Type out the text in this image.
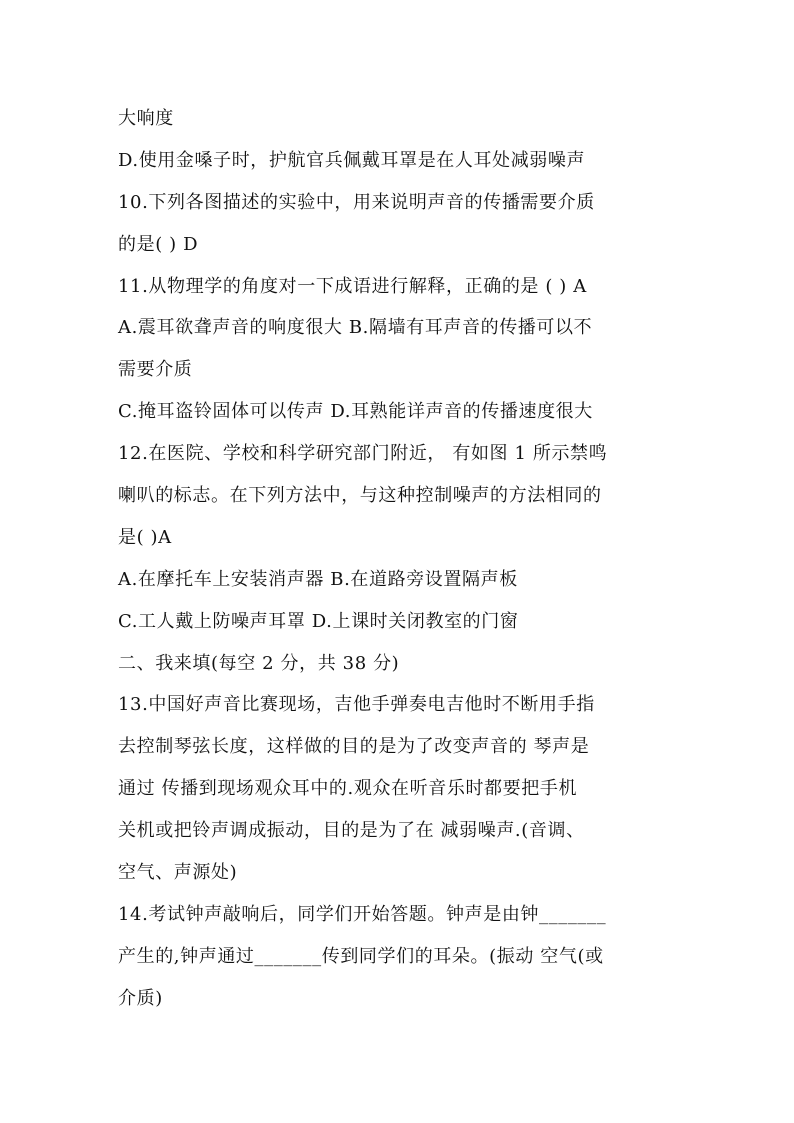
大响度
D.使用金嗓子时，护航官兵佩戴耳罩是在人耳处减弱噪声
10.下列各图描述的实验中，用来说明声音的传播需要介质
的是( ) D
11.从物理学的角度对一下成语进行解释，正确的是 ( ) A
A.震耳欲聋声音的响度很大 B.隔墙有耳声音的传播可以不
需要介质
C.掩耳盗铃固体可以传声 D.耳熟能详声音的传播速度很大
12.在医院、学校和科学研究部门附近， 有如图 1 所示禁鸣
喇叭的标志。在下列方法中，与这种控制噪声的方法相同的
是( )A
A.在摩托车上安装消声器 B.在道路旁设置隔声板
C.工人戴上防噪声耳罩 D.上课时关闭教室的门窗
二、我来填(每空 2 分，共 38 分)
13.中国好声音比赛现场，吉他手弹奏电吉他时不断用手指
去控制琴弦长度，这样做的目的是为了改变声音的 琴声是
通过 传播到现场观众耳中的.观众在听音乐时都要把手机
关机或把铃声调成振动，目的是为了在 减弱噪声.(音调、
空气、声源处)
14.考试钟声敲响后，同学们开始答题。钟声是由钟_______
产生的,钟声通过_______传到同学们的耳朵。(振动 空气(或
介质)
